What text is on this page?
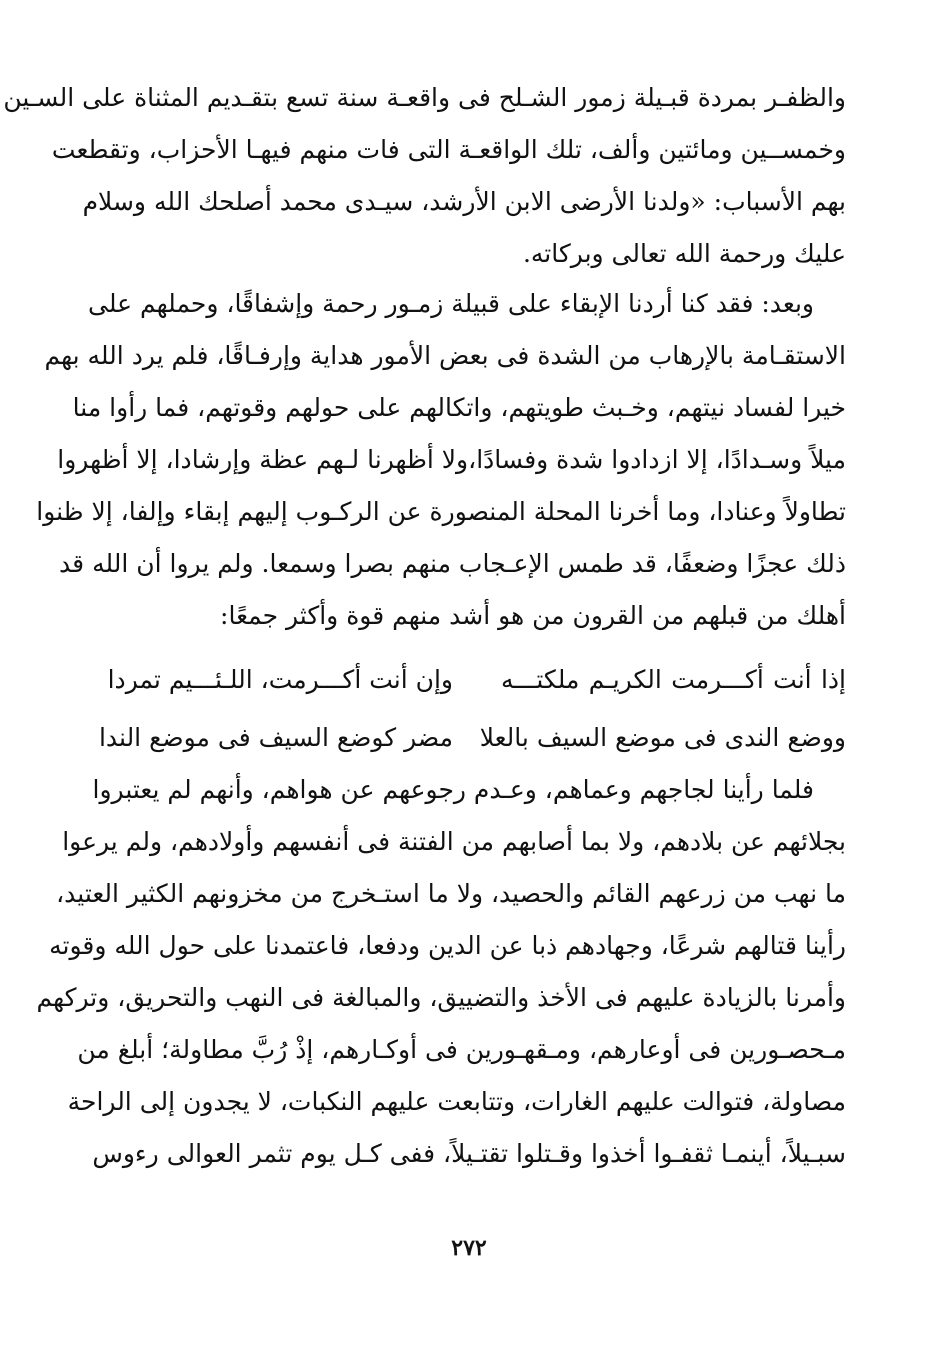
والظفـر بمردة قبـيلة زمور الشـلح فى واقعـة سنة تسع بتقـديم المثناة على السـين
وخمســين ومائتين وألف، تلك الواقعـة التى فات منهم فيهـا الأحزاب، وتقطعت
بهم الأسباب: «ولدنا الأرضى الابن الأرشد، سيـدى محمد أصلحك الله وسلام
عليك ورحمة الله تعالى وبركاته.
وبعد: فقد كنا أردنا الإبقاء على قبيلة زمـور رحمة وإشفاقًا، وحملهم على
الاستقـامة بالإرهاب من الشدة فى بعض الأمور هداية وإرفـاقًا، فلم يرد الله بهم
خيرا لفساد نيتهم، وخـبث طويتهم، واتكالهم على حولهم وقوتهم، فما رأوا منا
ميلاً وسـدادًا، إلا ازدادوا شدة وفسادًا،ولا أظهرنا لـهم عظة وإرشادا، إلا أظهروا
تطاولاً وعنادا، وما أخرنا المحلة المنصورة عن الركـوب إليهم إبقاء وإلفا، إلا ظنوا
ذلك عجزًا وضعفًا، قد طمس الإعـجاب منهم بصرا وسمعا. ولم يروا أن الله قد
أهلك من قبلهم من القرون من هو أشد منهم قوة وأكثر جمعًا:
إذا أنت أكـــرمت الكريـم ملكتـــه
وإن أنت أكـــرمت، اللـئـــيم تمردا
ووضع الندى فى موضع السيف بالعلا
مضر كوضع السيف فى موضع الندا
فلما رأينا لجاجهم وعماهم، وعـدم رجوعهم عن هواهم، وأنهم لم يعتبروا
بجلائهم عن بلادهم، ولا بما أصابهم من الفتنة فى أنفسهم وأولادهم، ولم يرعوا
ما نهب من زرعهم القائم والحصيد، ولا ما استـخرج من مخزونهم الكثير العتيد،
رأينا قتالهم شرعًا، وجهادهم ذبا عن الدين ودفعا، فاعتمدنا على حول الله وقوته
وأمرنا بالزيادة عليهم فى الأخذ والتضييق، والمبالغة فى النهب والتحريق، وتركهم
مـحصـورين فى أوعارهم، ومـقهـورين فى أوكـارهم، إذْ رُبَّ مطاولة؛ أبلغ من
مصاولة، فتوالت عليهم الغارات، وتتابعت عليهم النكبات، لا يجدون إلى الراحة
سبـيلاً، أينمـا ثقفـوا أخذوا وقـتلوا تقتـيلاً، ففى كـل يوم تثمر العوالى رءوس
٢٧٢
